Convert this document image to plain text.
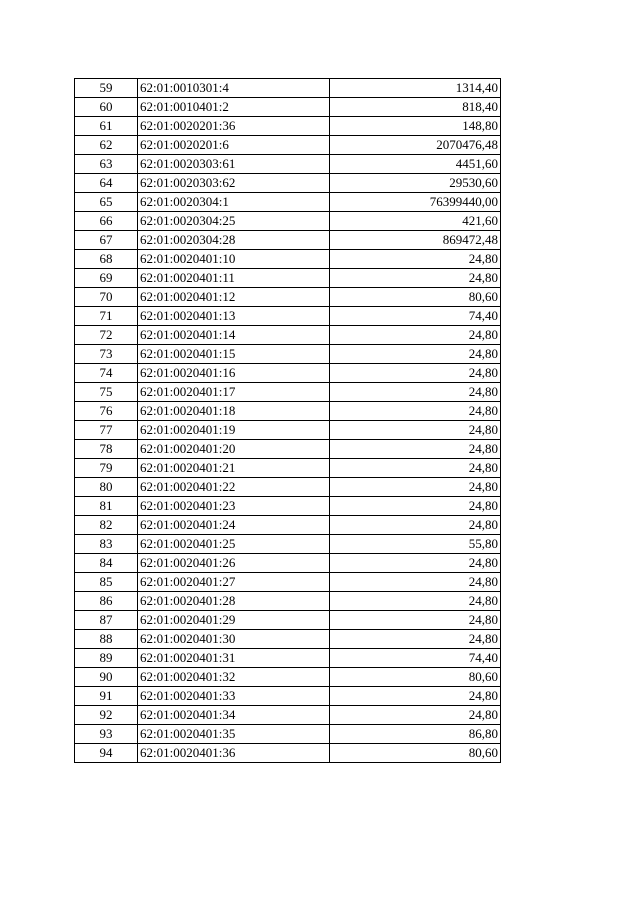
59	62:01:0010301:4	1314,40
60	62:01:0010401:2	818,40
61	62:01:0020201:36	148,80
62	62:01:0020201:6	2070476,48
63	62:01:0020303:61	4451,60
64	62:01:0020303:62	29530,60
65	62:01:0020304:1	76399440,00
66	62:01:0020304:25	421,60
67	62:01:0020304:28	869472,48
68	62:01:0020401:10	24,80
69	62:01:0020401:11	24,80
70	62:01:0020401:12	80,60
71	62:01:0020401:13	74,40
72	62:01:0020401:14	24,80
73	62:01:0020401:15	24,80
74	62:01:0020401:16	24,80
75	62:01:0020401:17	24,80
76	62:01:0020401:18	24,80
77	62:01:0020401:19	24,80
78	62:01:0020401:20	24,80
79	62:01:0020401:21	24,80
80	62:01:0020401:22	24,80
81	62:01:0020401:23	24,80
82	62:01:0020401:24	24,80
83	62:01:0020401:25	55,80
84	62:01:0020401:26	24,80
85	62:01:0020401:27	24,80
86	62:01:0020401:28	24,80
87	62:01:0020401:29	24,80
88	62:01:0020401:30	24,80
89	62:01:0020401:31	74,40
90	62:01:0020401:32	80,60
91	62:01:0020401:33	24,80
92	62:01:0020401:34	24,80
93	62:01:0020401:35	86,80
94	62:01:0020401:36	80,60
